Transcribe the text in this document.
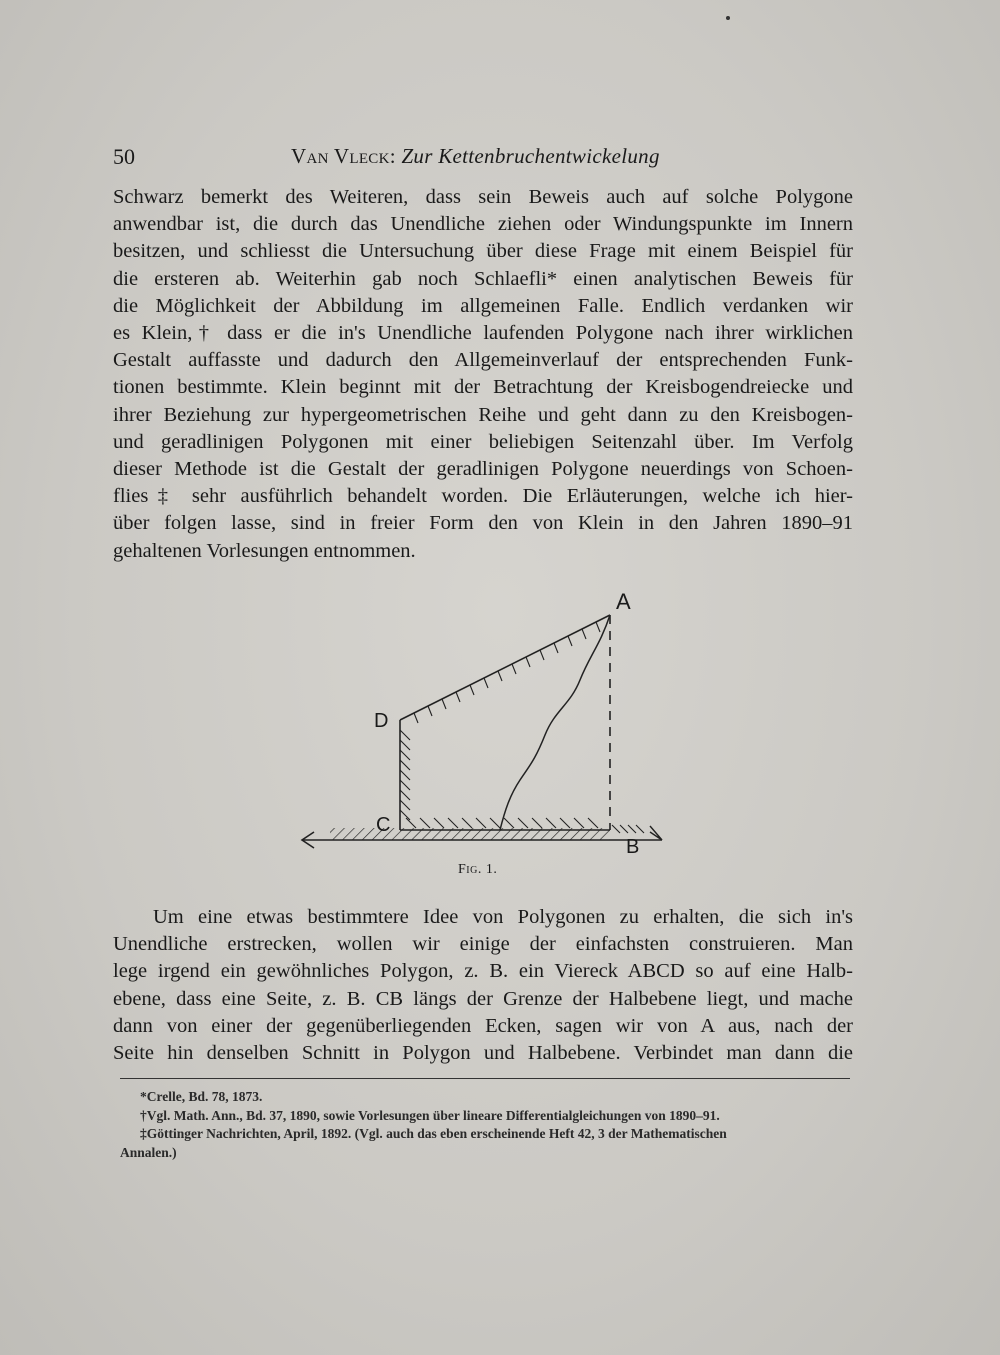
50	Van Vleck: Zur Kettenbruchentwickelung
Schwarz bemerkt des Weiteren, dass sein Beweis auch auf solche Polygone
anwendbar ist, die durch das Unendliche ziehen oder Windungspunkte im Innern
besitzen, und schliesst die Untersuchung über diese Frage mit einem Beispiel für
die ersteren ab. Weiterhin gab noch Schlaefli* einen analytischen Beweis für
die Möglichkeit der Abbildung im allgemeinen Falle. Endlich verdanken wir
es Klein,† dass er die in's Unendliche laufenden Polygone nach ihrer wirklichen
Gestalt auffasste und dadurch den Allgemeinverlauf der entsprechenden Funk-
tionen bestimmte. Klein beginnt mit der Betrachtung der Kreisbogendreiecke und
ihrer Beziehung zur hypergeometrischen Reihe und geht dann zu den Kreisbogen-
und geradlinigen Polygonen mit einer beliebigen Seitenzahl über. Im Verfolg
dieser Methode ist die Gestalt der geradlinigen Polygone neuerdings von Schoen-
flies‡ sehr ausführlich behandelt worden. Die Erläuterungen, welche ich hier-
über folgen lasse, sind in freier Form den von Klein in den Jahren 1890–91
gehaltenen Vorlesungen entnommen.
A
B
C
D
Fig. 1.
Um eine etwas bestimmtere Idee von Polygonen zu erhalten, die sich in's
Unendliche erstrecken, wollen wir einige der einfachsten construieren. Man
lege irgend ein gewöhnliches Polygon, z. B. ein Viereck ABCD so auf eine Halb-
ebene, dass eine Seite, z. B. CB längs der Grenze der Halbebene liegt, und mache
dann von einer der gegenüberliegenden Ecken, sagen wir von A aus, nach der
Seite hin denselben Schnitt in Polygon und Halbebene. Verbindet man dann die
*Crelle, Bd. 78, 1873.
†Vgl. Math. Ann., Bd. 37, 1890, sowie Vorlesungen über lineare Differentialgleichungen von 1890–91.
‡Göttinger Nachrichten, April, 1892. (Vgl. auch das eben erscheinende Heft 42, 3 der Mathematischen
Annalen.)
